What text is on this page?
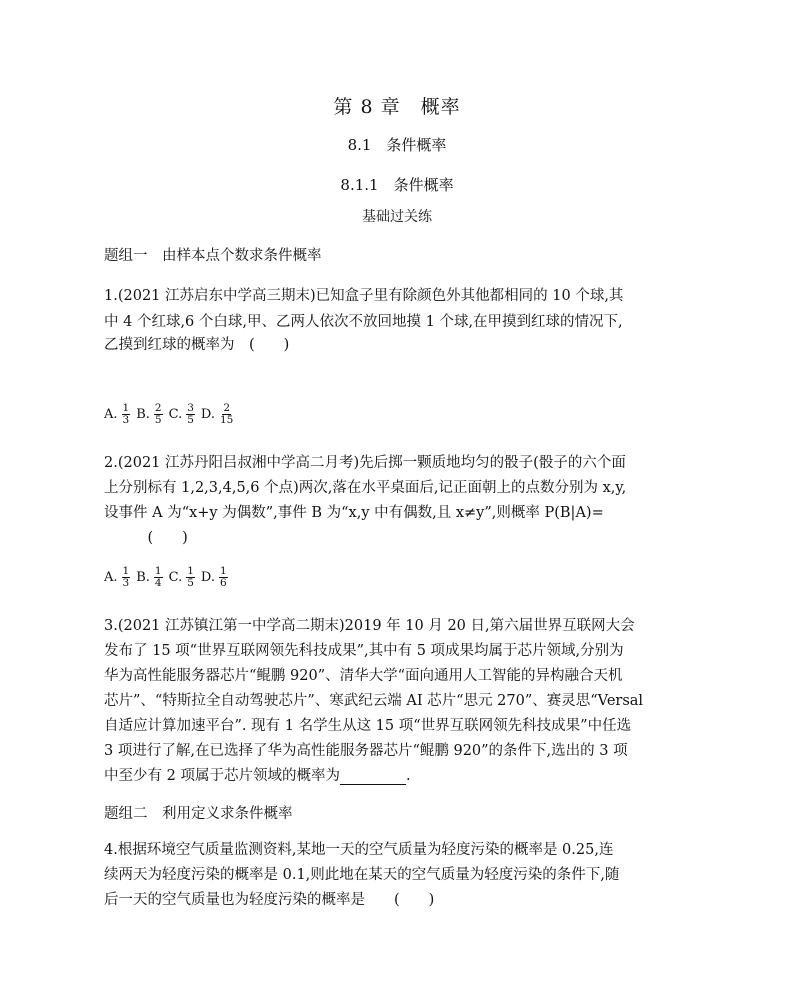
第 8 章　概率
8.1　条件概率
8.1.1　条件概率
基础过关练
题组一　由样本点个数求条件概率
1.(2021 江苏启东中学高三期末)已知盒子里有除颜色外其他都相同的 10 个球,其
中 4 个红球,6 个白球,甲、乙两人依次不放回地摸 1 个球,在甲摸到红球的情况下,
乙摸到红球的概率为　(　　)
A. $\frac{1}{3} B$. $\frac{2}{5} C$. $\frac{3}{5} D$. $\frac{2}{15}$
2.(2021 江苏丹阳吕叔湘中学高二月考)先后掷一颗质地均匀的骰子(骰子的六个面
上分别标有 1,2,3,4,5,6 个点)两次,落在水平桌面后,记正面朝上的点数分别为 x,y,
设事件 A 为“x+y 为偶数”,事件 B 为“x,y 中有偶数,且 x≠y”,则概率 P(B|A)=
　　　(　　)
A. $\frac{1}{3} B$. $\frac{1}{4} C$. $\frac{1}{5} D$. $\frac{1}{6}$
3.(2021 江苏镇江第一中学高二期末)2019 年 10 月 20 日,第六届世界互联网大会
发布了 15 项“世界互联网领先科技成果”,其中有 5 项成果均属于芯片领域,分别为
华为高性能服务器芯片“鲲鹏 920”、清华大学“面向通用人工智能的异构融合天机
芯片”、“特斯拉全自动驾驶芯片”、寒武纪云端 AI 芯片“思元 270”、赛灵思“Versal
自适应计算加速平台”. 现有 1 名学生从这 15 项“世界互联网领先科技成果”中任选
3 项进行了解,在已选择了华为高性能服务器芯片“鲲鹏 920”的条件下,选出的 3 项
中至少有 2 项属于芯片领域的概率为	.
题组二　利用定义求条件概率
4.根据环境空气质量监测资料,某地一天的空气质量为轻度污染的概率是 0.25,连
续两天为轻度污染的概率是 0.1,则此地在某天的空气质量为轻度污染的条件下,随
后一天的空气质量也为轻度污染的概率是　　(　　)
